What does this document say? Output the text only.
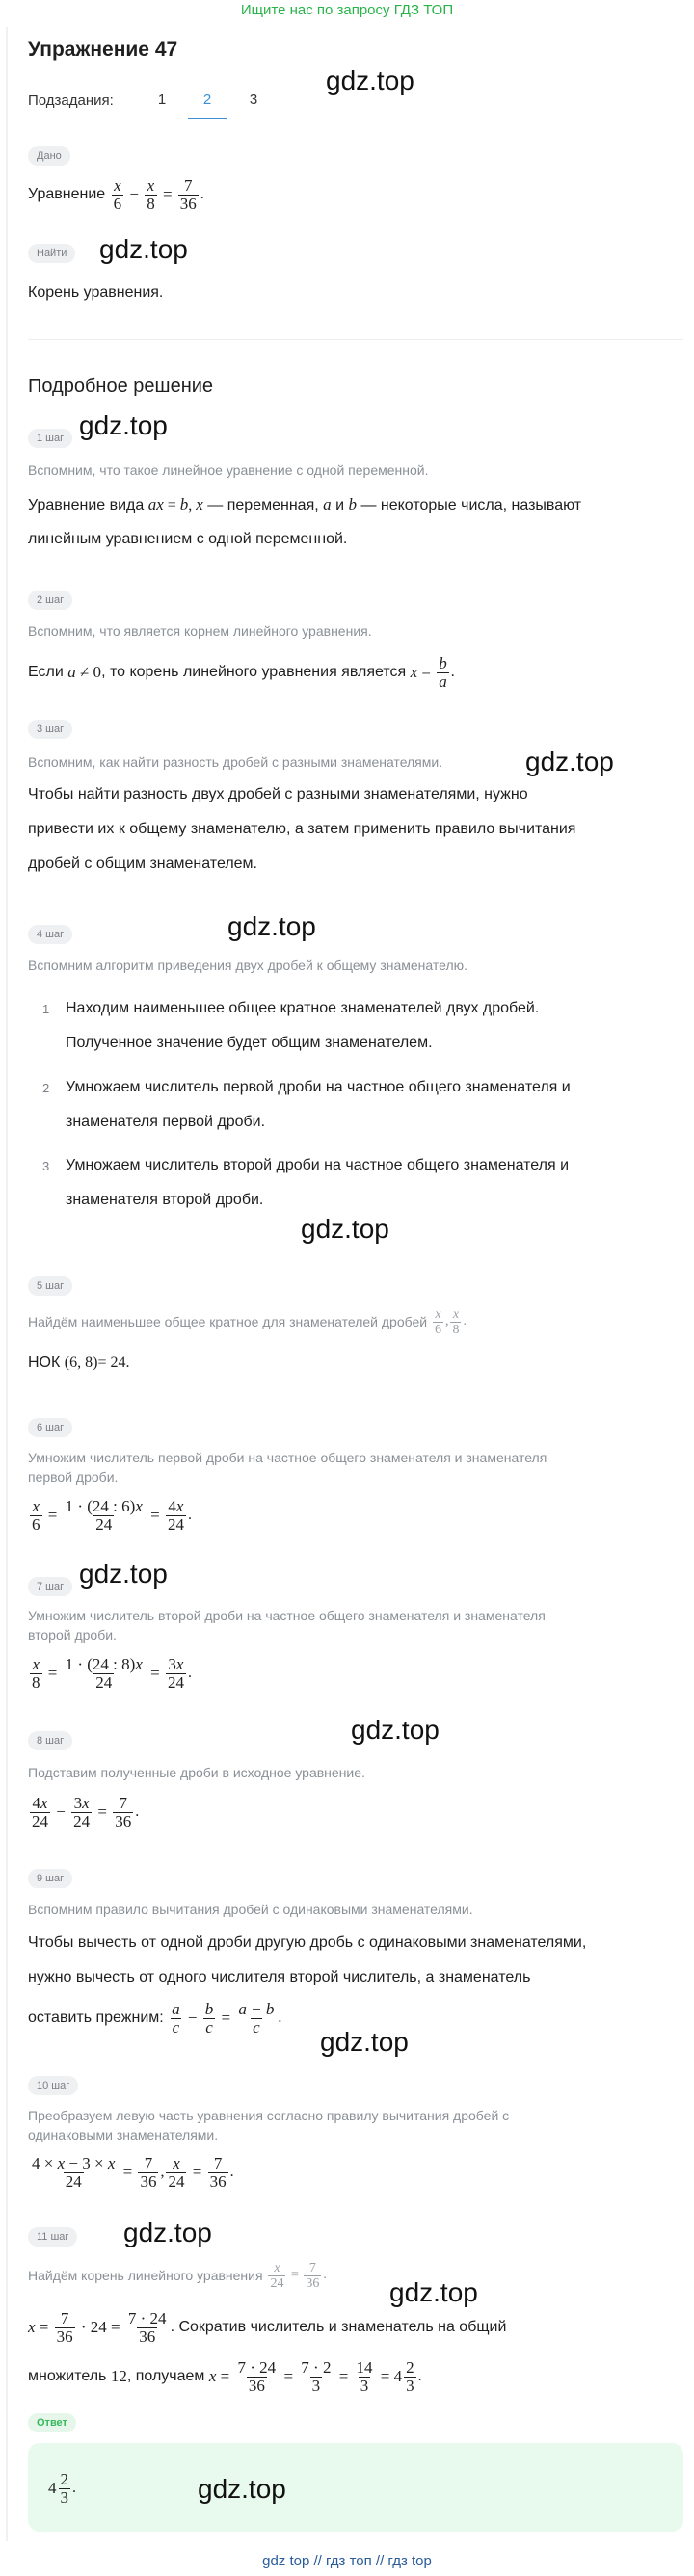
Ищите нас по запросу ГДЗ ТОП
Упражнение 47
Подзадания:	1	2	3
gdz.top
Дано
Уравнение
$\frac{x}{6} - \frac{x}{8} = \frac{7}{36}$ .
Найти	gdz.top
Корень уравнения.
Подробное решение
1 шаг gdz.top
Вспомним, что такое линейное уравнение с одной переменной.
Уравнение вида ax = b, x — переменная, a и b — некоторые числа, называют
линейным уравнением с одной переменной.
2 шаг
Вспомним, что является корнем линейного уравнения.
Если
a ≠ 0 , то корень линейного уравнения является
$x = \frac{b}{a}$ .
3 шаг
Вспомним, как найти разность дробей с разными знаменателями.	gdz.top
Чтобы найти разность двух дробей с разными знаменателями, нужно
привести их к общему знаменателю, а затем применить правило вычитания
дробей с общим знаменателем.
4 шаг	gdz.top
Вспомним алгоритм приведения двух дробей к общему знаменателю.
1 Находим наименьшее общее кратное знаменателей двух дробей.
Полученное значение будет общим знаменателем.
2 Умножаем числитель первой дроби на частное общего знаменателя и
знаменателя первой дроби.
3 Умножаем числитель второй дроби на частное общего знаменателя и
знаменателя второй дроби.
gdz.top
5 шаг
Найдём наименьшее общее кратное для знаменателей дробей
$\frac{x}{6}$ , $\frac{x}{8}$ .
НОК (6, 8)= 24.
6 шаг
Умножим числитель первой дроби на частное общего знаменателя и знаменателя
первой дроби.
$\frac{x}{6} = \frac{1 \cdot (24 : 6)x}{24} = \frac{4x}{24}$ .
7 шаг gdz.top
Умножим числитель второй дроби на частное общего знаменателя и знаменателя
второй дроби.
$\frac{x}{8} = \frac{1 \cdot (24 : 8)x}{24} = \frac{3x}{24}$ .
gdz.top
8 шаг
Подставим полученные дроби в исходное уравнение.
$\frac{4x}{24} - \frac{3x}{24} = \frac{7}{36}$ .
9 шаг
Вспомним правило вычитания дробей с одинаковыми знаменателями.
Чтобы вычесть от одной дроби другую дробь с одинаковыми знаменателями,
нужно вычесть от одного числителя второй числитель, а знаменатель
оставить прежним:
$\frac{a}{c} - \frac{b}{c} = \frac{a - b}{c}$ .
gdz.top
10 шаг
Преобразуем левую часть уравнения согласно правилу вычитания дробей с
одинаковыми знаменателями.
$\frac{4 \times x - 3 \times x}{24} = \frac{7}{36}$ , $\frac{x}{24} = \frac{7}{36}$ .
11 шаг	gdz.top
Найдём корень линейного уравнения
$\frac{x}{24} = \frac{7}{36}$ .
gdz.top
$x = \frac{7}{36} \cdot 24 = \frac{7 \cdot 24}{36}$ . Сократив числитель и знаменатель на общий
множитель
12 , получаем
$x = \frac{7 \cdot 24}{36} = \frac{7 \cdot 2}{3} = \frac{14}{3} = 4 \frac{2}{3}$ .
Ответ
$4 \frac{2}{3}$ .	gdz.top
gdz top // гдз топ // гдз top
